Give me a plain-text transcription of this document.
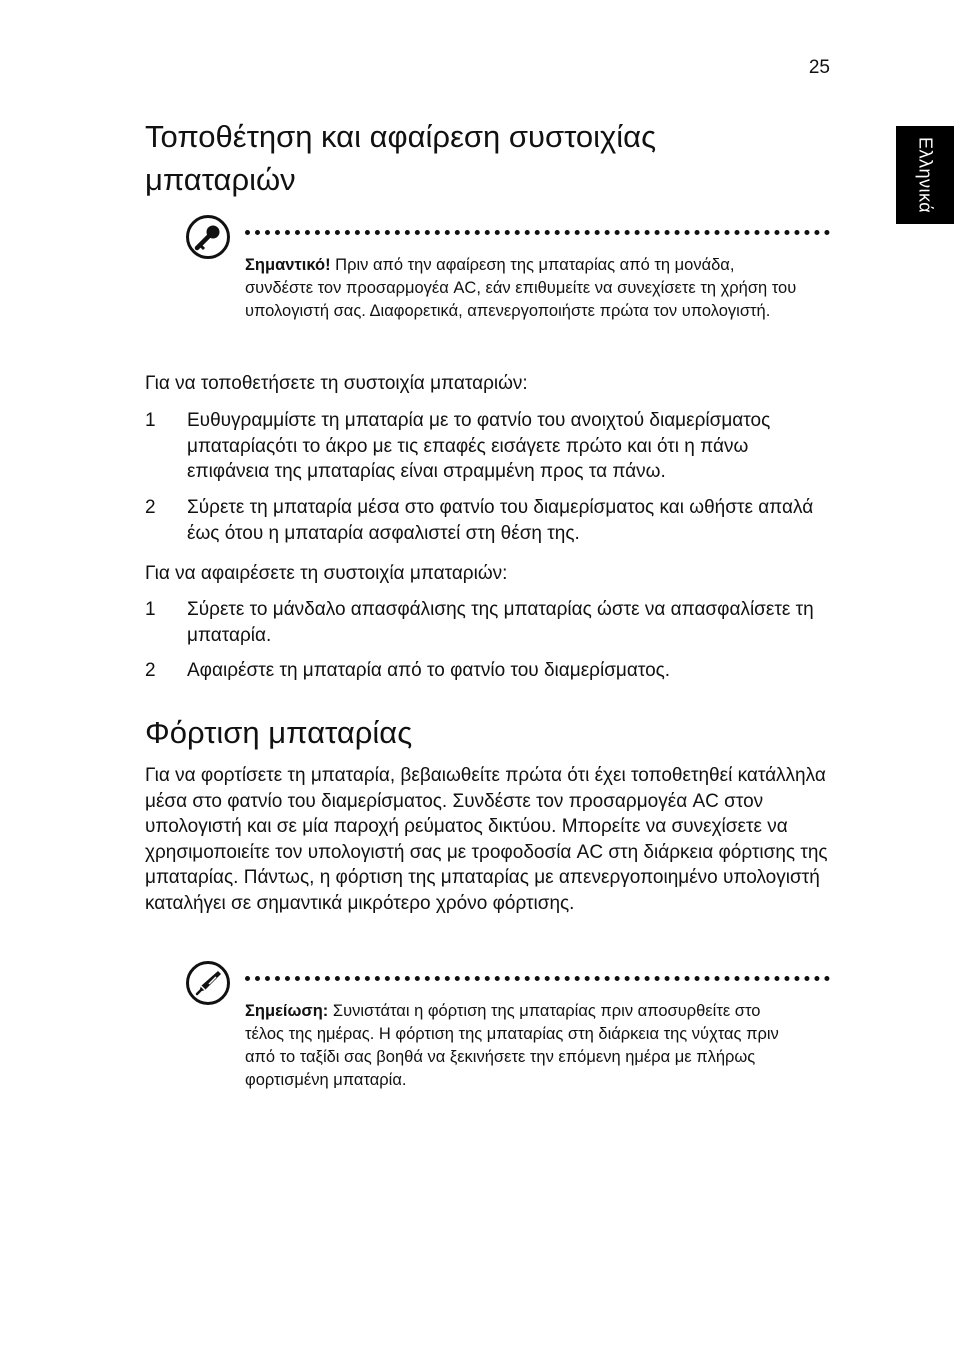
25
Ελληνικά
Τοποθέτηση και αφαίρεση συστοιχίας
μπαταριών
Σημαντικό! Πριν από την αφαίρεση της μπαταρίας από τη μονάδα, συνδέστε τον προσαρμογέα AC, εάν επιθυμείτε να συνεχίσετε τη χρήση του υπολογιστή σας. Διαφορετικά, απενεργοποιήστε πρώτα τον υπολογιστή.

Για να τοποθετήσετε τη συστοιχία μπαταριών:

1	Ευθυγραμμίστε τη μπαταρία με το φατνίο του ανοιχτού διαμερίσματος μπαταρίαςότι το άκρο με τις επαφές εισάγετε πρώτο και ότι η πάνω επιφάνεια της μπαταρίας είναι στραμμένη προς τα πάνω.
2	Σύρετε τη μπαταρία μέσα στο φατνίο του διαμερίσματος και ωθήστε απαλά έως ότου η μπαταρία ασφαλιστεί στη θέση της.

Για να αφαιρέσετε τη συστοιχία μπαταριών:

1	Σύρετε το μάνδαλο απασφάλισης της μπαταρίας ώστε να απασφαλίσετε τη μπαταρία.
2	Αφαιρέστε τη μπαταρία από το φατνίο του διαμερίσματος.
Φόρτιση μπαταρίας

Για να φορτίσετε τη μπαταρία, βεβαιωθείτε πρώτα ότι έχει τοποθετηθεί κατάλληλα μέσα στο φατνίο του διαμερίσματος. Συνδέστε τον προσαρμογέα AC στον υπολογιστή και σε μία παροχή ρεύματος δικτύου. Μπορείτε να συνεχίσετε να χρησιμοποιείτε τον υπολογιστή σας με τροφοδοσία AC στη διάρκεια φόρτισης της μπαταρίας. Πάντως, η φόρτιση της μπαταρίας με απενεργοποιημένο υπολογιστή καταλήγει σε σημαντικά μικρότερο χρόνο φόρτισης.

Σημείωση: Συνιστάται η φόρτιση της μπαταρίας πριν αποσυρθείτε στο τέλος της ημέρας. Η φόρτιση της μπαταρίας στη διάρκεια της νύχτας πριν από το ταξίδι σας βοηθά να ξεκινήσετε την επόμενη ημέρα με πλήρως φορτισμένη μπαταρία.
